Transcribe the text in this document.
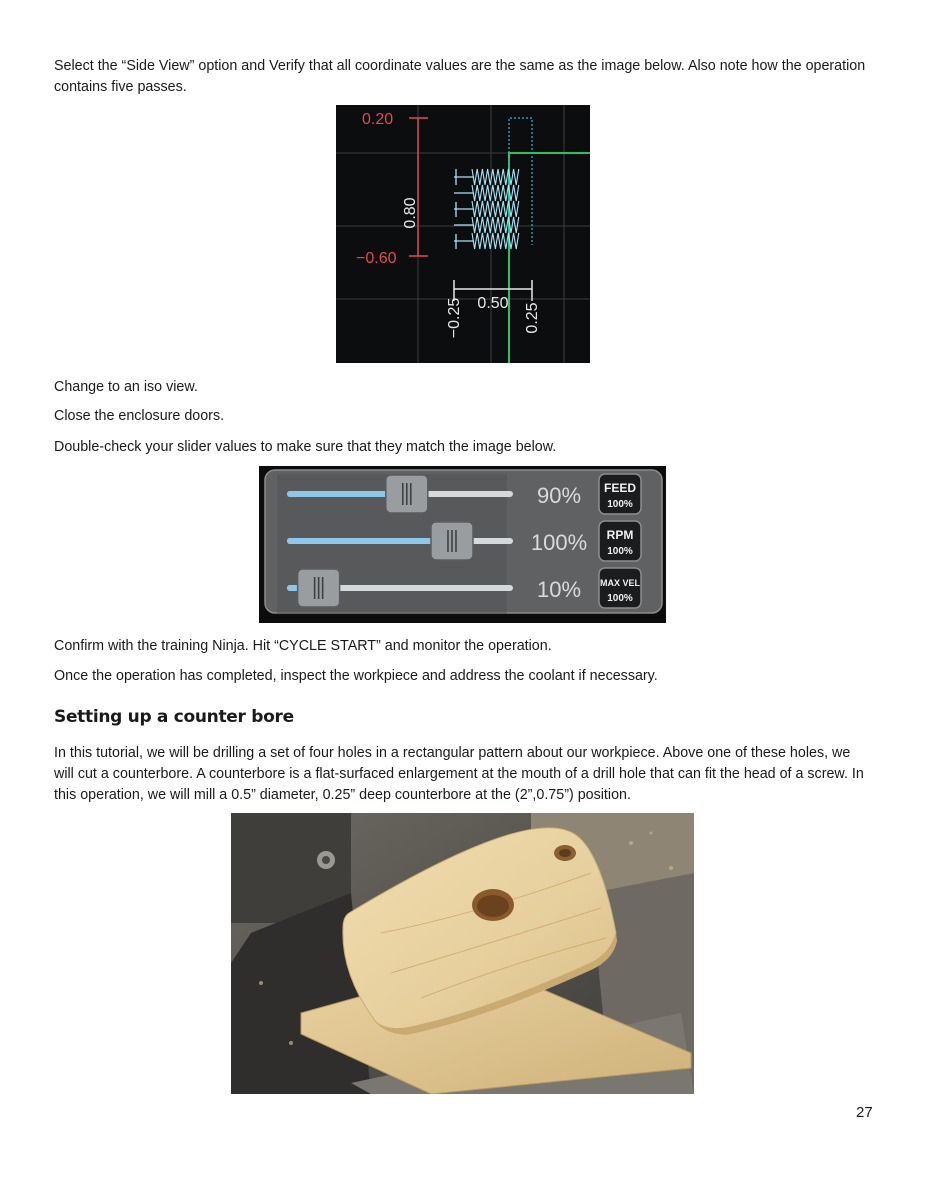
Select the “Side View” option and Verify that all coordinate values are the same as the image below. Also note how the operation contains five passes.

0.20
−0.60
0.80
0.50
−0.25	0.25

Change to an iso view.

Close the enclosure doors.

Double-check your slider values to make sure that they match the image below.

90% FEED
100%
100% RPM
100%
10% MAX VEL
100%

Confirm with the training Ninja. Hit “CYCLE START” and monitor the operation.

Once the operation has completed, inspect the workpiece and address the coolant if necessary.

Setting up a counter bore

In this tutorial, we will be drilling a set of four holes in a rectangular pattern about our workpiece. Above one of these holes, we will cut a counterbore. A counterbore is a flat-surfaced enlargement at the mouth of a drill hole that can fit the head of a screw. In this operation, we will mill a 0.5” diameter, 0.25” deep counterbore at the (2”,0.75”) position.

27
